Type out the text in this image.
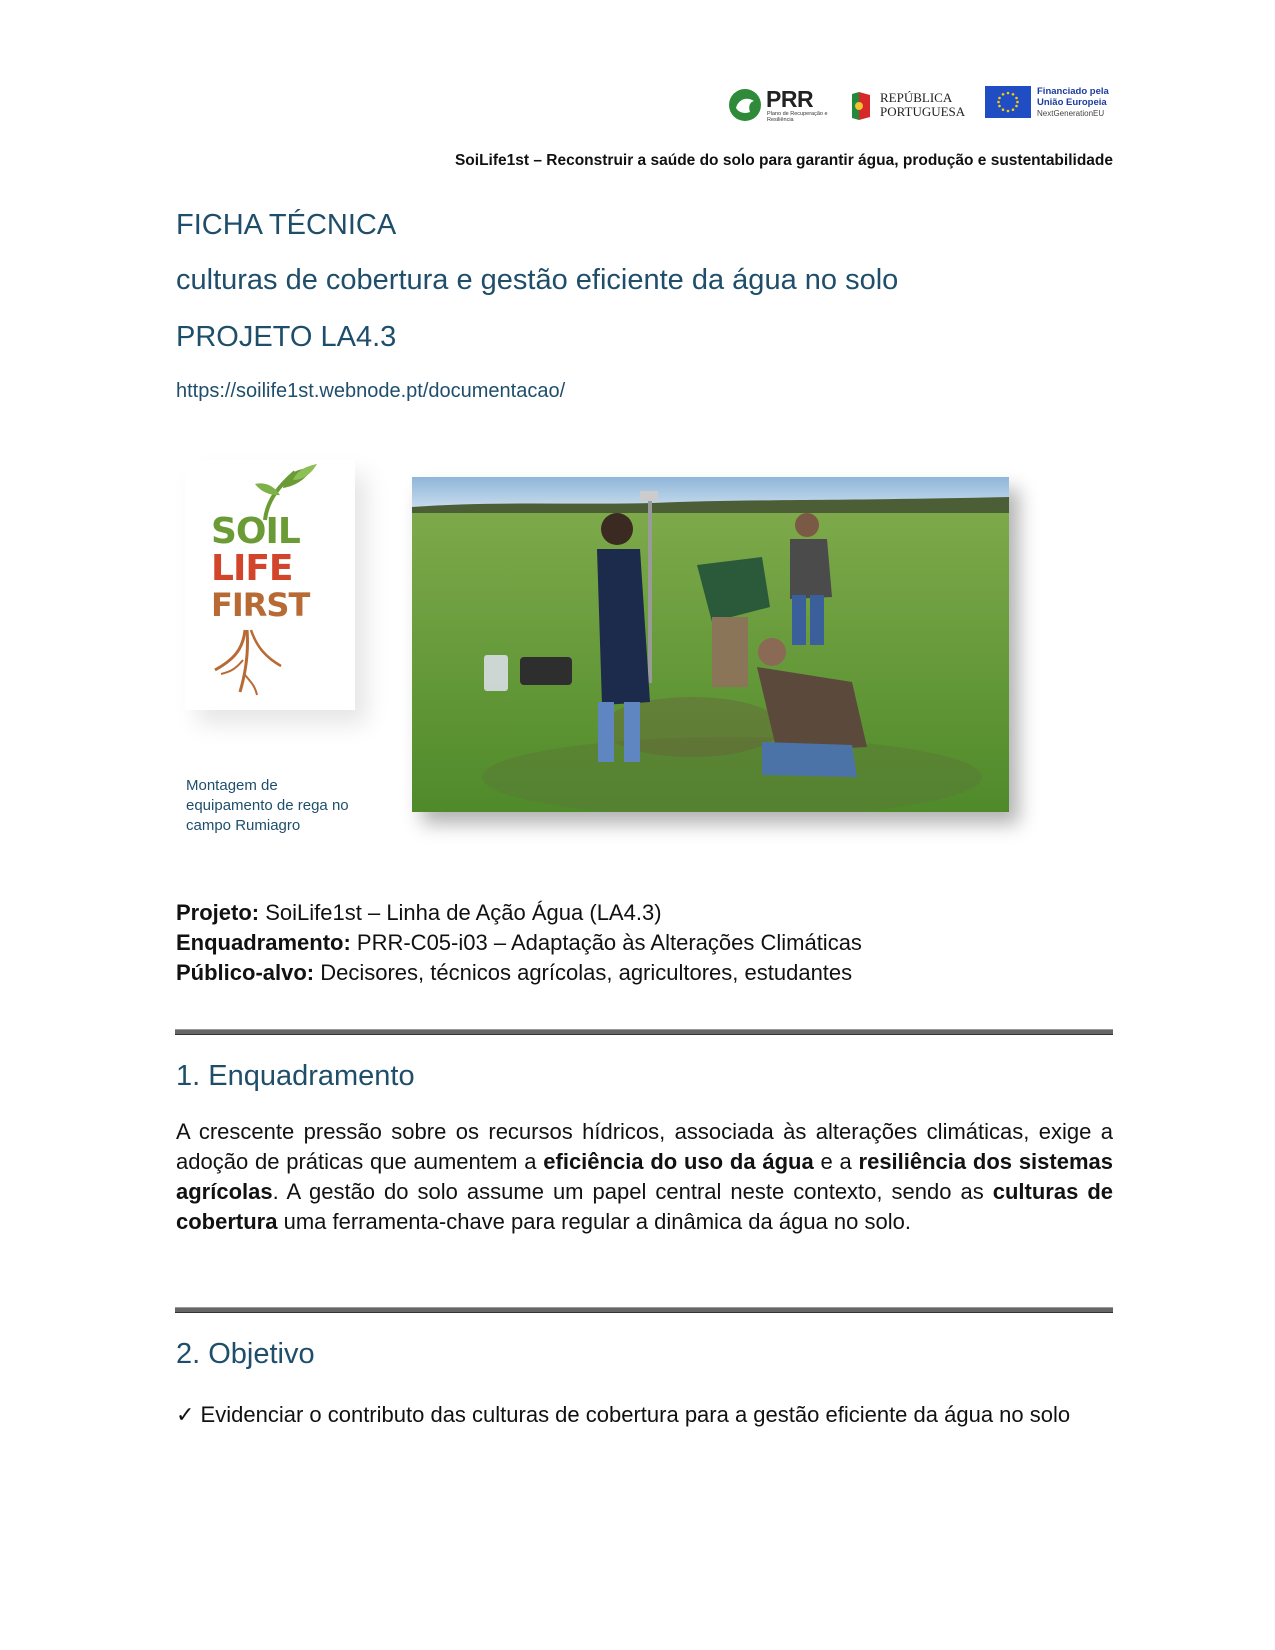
PRR
Plano de Recuperação e Resiliência
REPÚBLICA
PORTUGUESA
Financiado pela
União Europeia
NextGenerationEU
SoiLife1st – Reconstruir a saúde do solo para garantir água, produção e sustentabilidade
FICHA TÉCNICA
culturas de cobertura e gestão eficiente da água no solo
PROJETO LA4.3
https://soilife1st.webnode.pt/documentacao/
SOIL
LIFE
FIRST
Montagem de equipamento de rega no campo Rumiagro
Projeto: SoiLife1st – Linha de Ação Água (LA4.3)
Enquadramento: PRR-C05-i03 – Adaptação às Alterações Climáticas
Público-alvo: Decisores, técnicos agrícolas, agricultores, estudantes
1. Enquadramento
A crescente pressão sobre os recursos hídricos, associada às alterações climáticas, exige a adoção de práticas que aumentem a eficiência do uso da água e a resiliência dos sistemas agrícolas. A gestão do solo assume um papel central neste contexto, sendo as culturas de cobertura uma ferramenta-chave para regular a dinâmica da água no solo.
2. Objetivo
✓ Evidenciar o contributo das culturas de cobertura para a gestão eficiente da água no solo
